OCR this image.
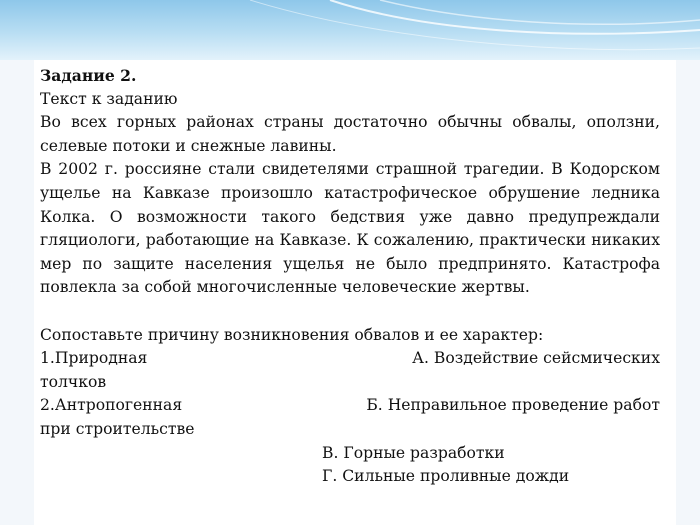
Задание 2.

Текст к заданию

Во всех горных районах страны достаточно обычны обвалы, оползни, селевые потоки и снежные лавины.

В 2002 г. россияне стали свидетелями страшной трагедии. В Кодорском ущелье на Кавказе произошло катастрофическое обрушение ледника Колка. О возможности такого бедствия уже давно предупреждали гляциологи, работающие на Кавказе. К сожалению, практически никаких мер по защите населения ущелья не было предпринято. Катастрофа повлекла за собой многочисленные человеческие жертвы.

Сопоставьте причину возникновения обвалов и ее характер:

1.Природная	А. Воздействие сейсмических

толчков

2.Антропогенная	Б. Неправильное проведение работ

при строительстве

В. Горные разработки

Г. Сильные проливные дожди
